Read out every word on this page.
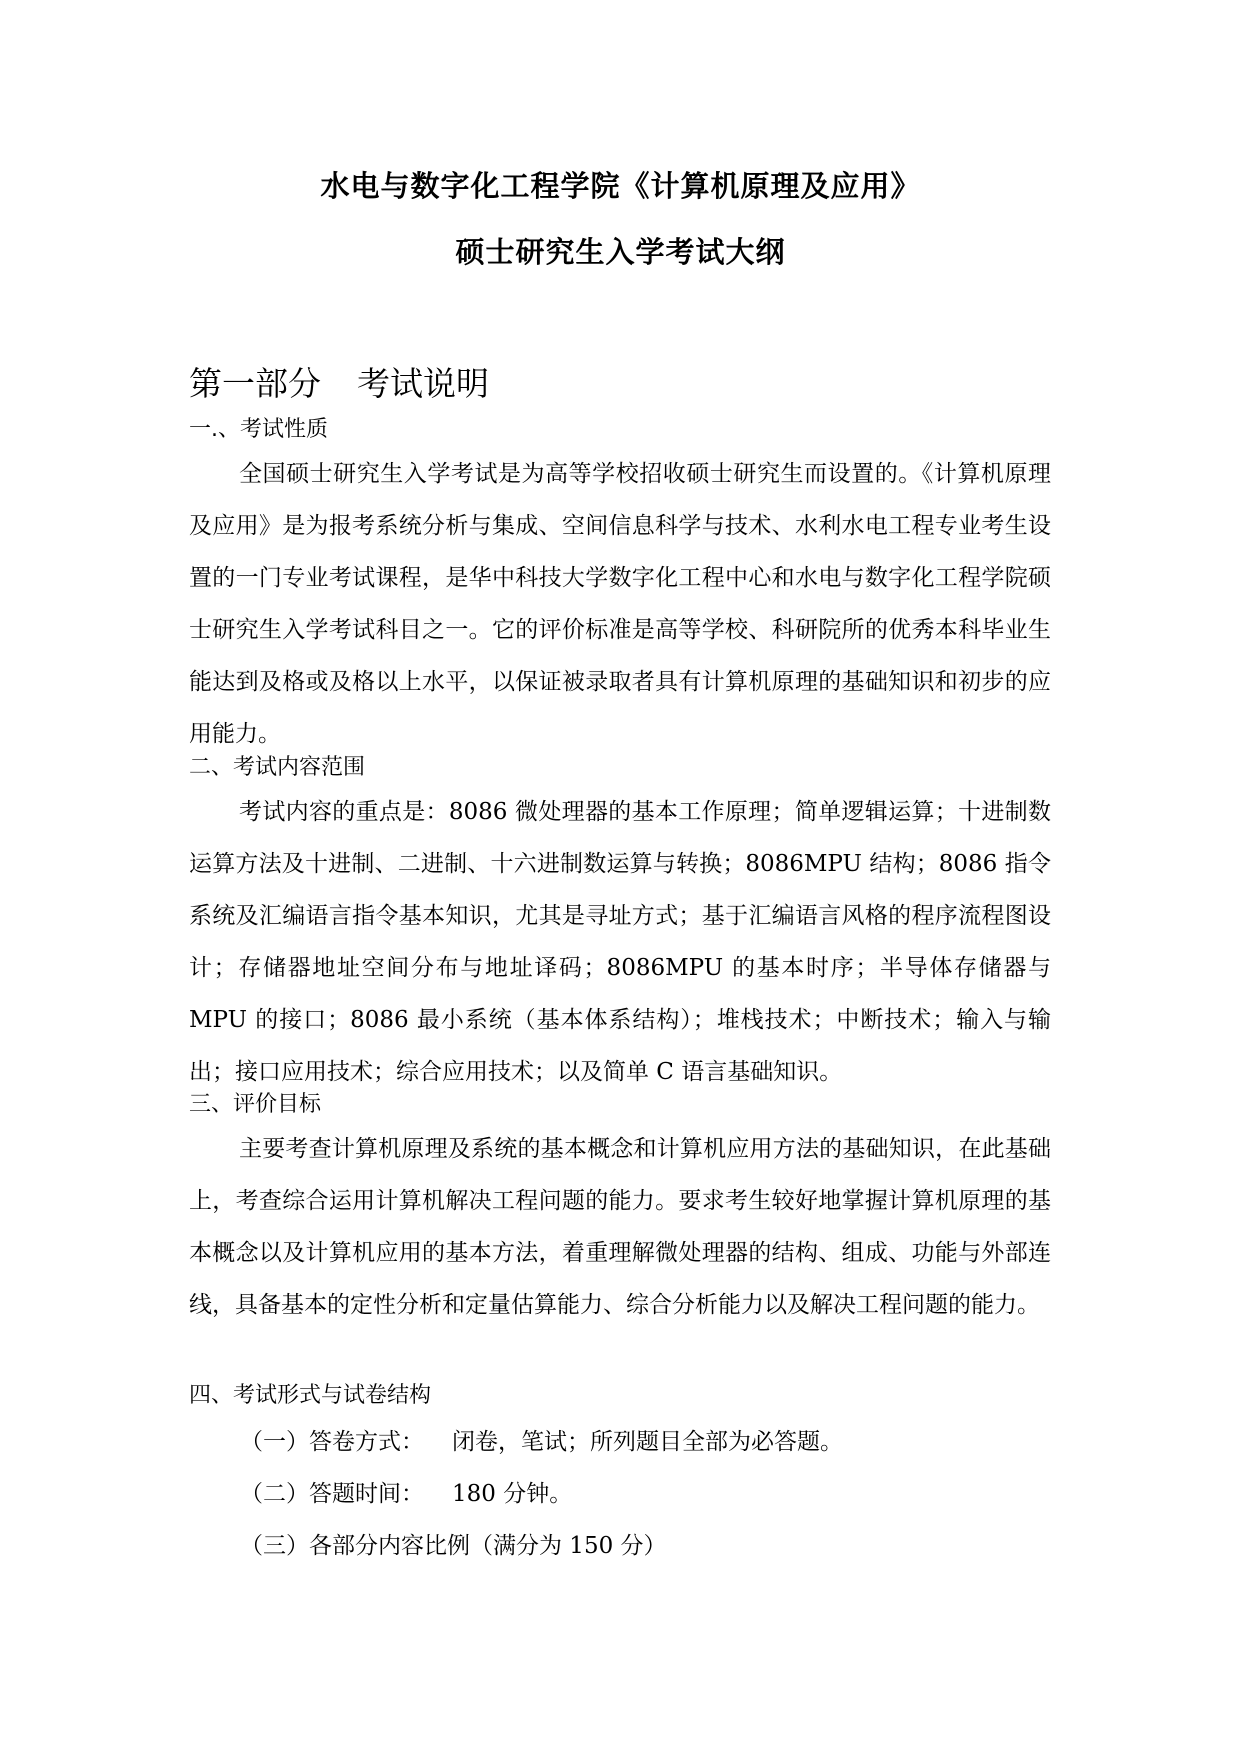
水电与数字化工程学院《计算机原理及应用》
硕士研究生入学考试大纲
第一部分 考试说明
一.、考试性质

全国硕士研究生入学考试是为高等学校招收硕士研究生而设置的。《计算机原理及应用》是为报考系统分析与集成、空间信息科学与技术、水利水电工程专业考生设置的一门专业考试课程，是华中科技大学数字化工程中心和水电与数字化工程学院硕士研究生入学考试科目之一。它的评价标准是高等学校、科研院所的优秀本科毕业生能达到及格或及格以上水平，以保证被录取者具有计算机原理的基础知识和初步的应用能力。

二、考试内容范围

考试内容的重点是：8086 微处理器的基本工作原理；简单逻辑运算；十进制数运算方法及十进制、二进制、十六进制数运算与转换；8086MPU 结构；8086 指令系统及汇编语言指令基本知识，尤其是寻址方式；基于汇编语言风格的程序流程图设计；存储器地址空间分布与地址译码；8086MPU 的基本时序；半导体存储器与 MPU 的接口；8086 最小系统（基本体系结构）；堆栈技术；中断技术；输入与输出；接口应用技术；综合应用技术；以及简单 C 语言基础知识。

三、评价目标

主要考查计算机原理及系统的基本概念和计算机应用方法的基础知识，在此基础上，考查综合运用计算机解决工程问题的能力。要求考生较好地掌握计算机原理的基本概念以及计算机应用的基本方法，着重理解微处理器的结构、组成、功能与外部连线，具备基本的定性分析和定量估算能力、综合分析能力以及解决工程问题的能力。

四、考试形式与试卷结构
（一）答卷方式： 闭卷，笔试；所列题目全部为必答题。
（二）答题时间： 180 分钟。
（三）各部分内容比例（满分为 150 分）
